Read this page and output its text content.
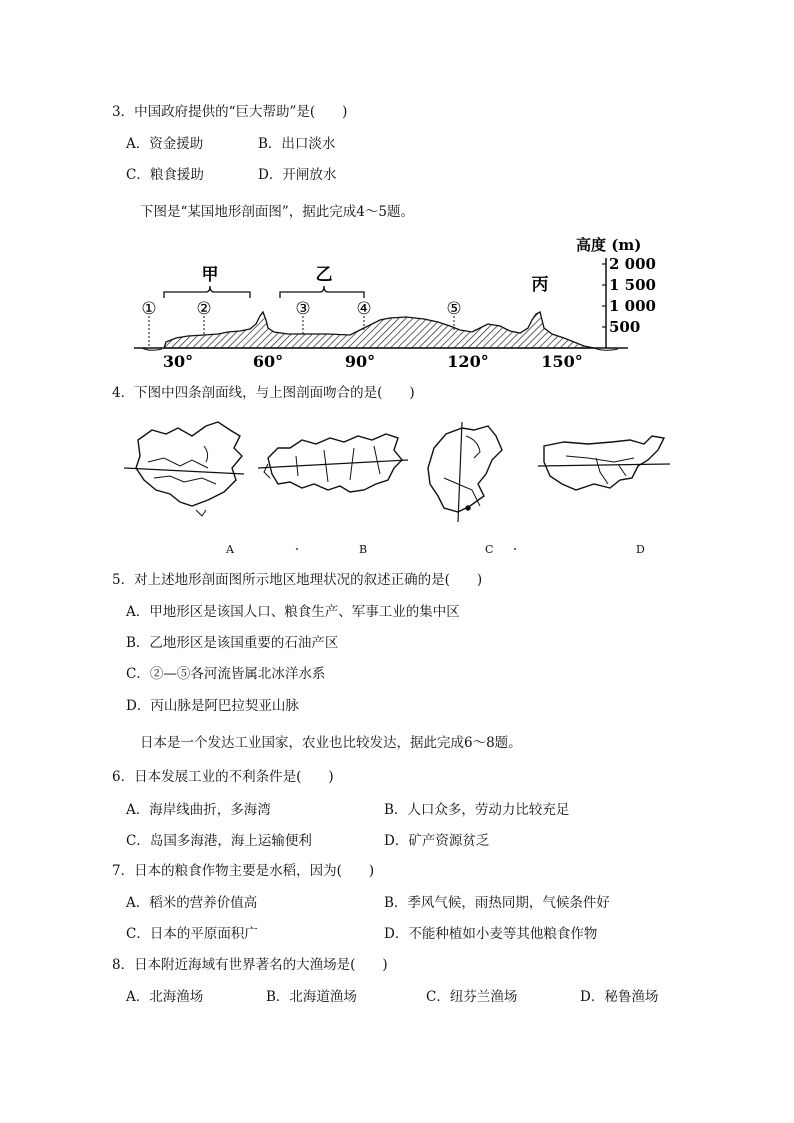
3．中国政府提供的“巨大帮助”是(　　)
A．资金援助	B．出口淡水
C．粮食援助	D．开闸放水
下图是“某国地形剖面图”，据此完成4～5题。
① ②	③	④	⑤
甲	乙	丙
30°	60°	90°	120°	150°
高度 (m)
2 000
1 500
1 000
500
4．下图中四条剖面线，与上图剖面吻合的是(　　)
A	B	C	D
5．对上述地形剖面图所示地区地理状况的叙述正确的是(　　)
A．甲地形区是该国人口、粮食生产、军事工业的集中区
B．乙地形区是该国重要的石油产区
C．②—⑤各河流皆属北冰洋水系
D．丙山脉是阿巴拉契亚山脉
日本是一个发达工业国家，农业也比较发达，据此完成6～8题。
6．日本发展工业的不利条件是(　　)
A．海岸线曲折，多海湾	B．人口众多，劳动力比较充足
C．岛国多海港，海上运输便利	D．矿产资源贫乏
7．日本的粮食作物主要是水稻，因为(　　)
A．稻米的营养价值高	B．季风气候，雨热同期，气候条件好
C．日本的平原面积广	D．不能种植如小麦等其他粮食作物
8．日本附近海域有世界著名的大渔场是(　　)
A．北海渔场	B．北海道渔场	C．纽芬兰渔场	D．秘鲁渔场
